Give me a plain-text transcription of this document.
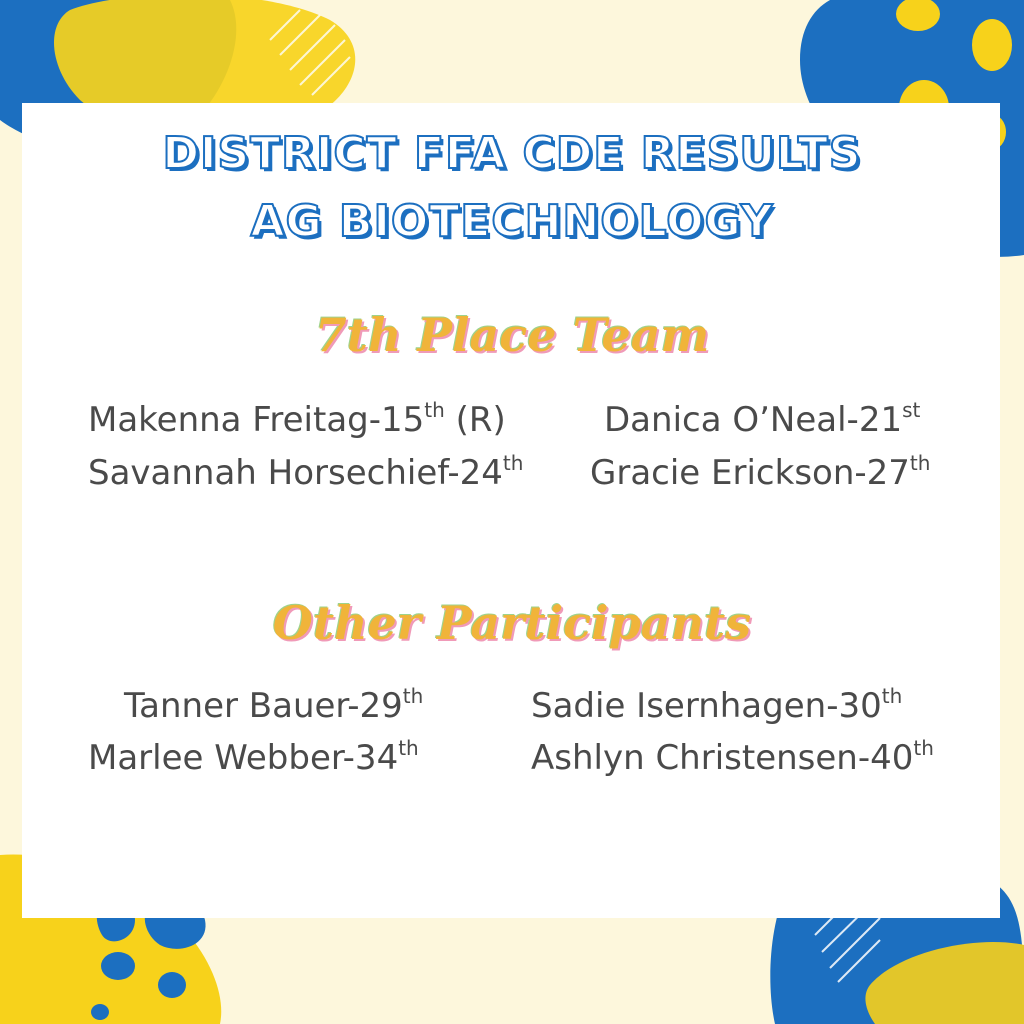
DISTRICT FFA CDE RESULTS
AG BIOTECHNOLOGY
7th Place Team
Makenna Freitag-15th (R)	Danica O’Neal-21st
Savannah Horsechief-24th Gracie Erickson-27th
Other Participants
Tanner Bauer-29th	Sadie Isernhagen-30th
Marlee Webber-34th	Ashlyn Christensen-40th
